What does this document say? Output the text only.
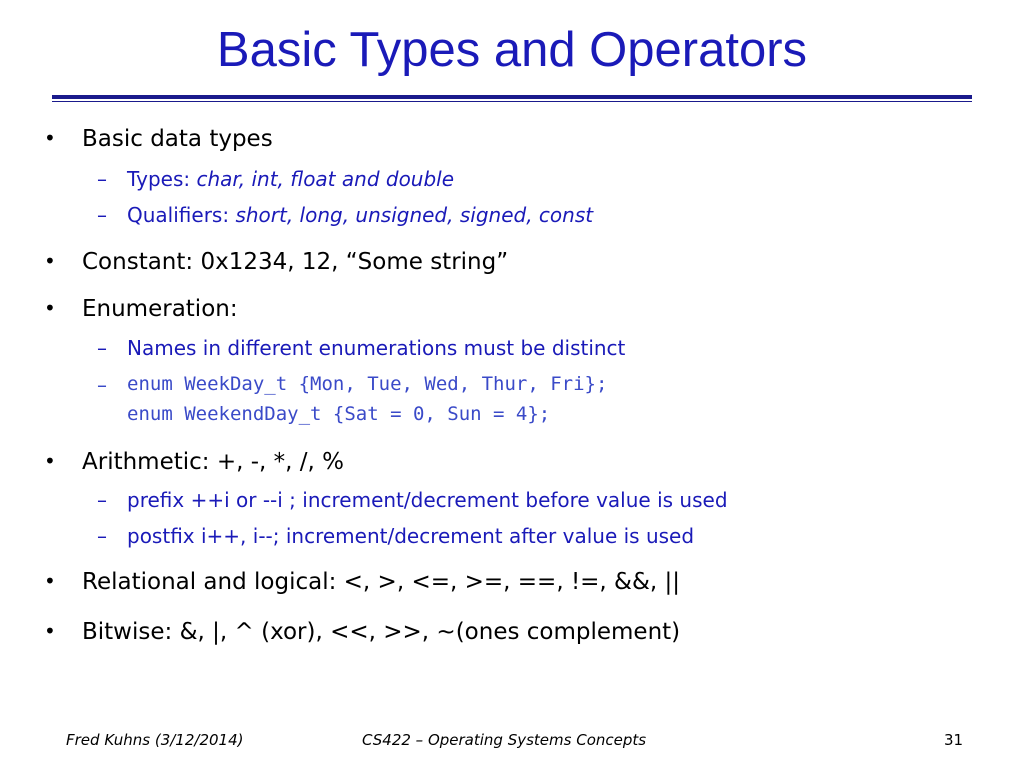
Basic Types and Operators
• Basic data types
– Types: char, int, float and double
– Qualifiers: short, long, unsigned, signed, const
• Constant: 0x1234, 12, “Some string”
• Enumeration:
– Names in different enumerations must be distinct
– enum WeekDay_t {Mon, Tue, Wed, Thur, Fri};
enum WeekendDay_t {Sat = 0, Sun = 4};
• Arithmetic: +, -, *, /, %
– prefix ++i or --i ; increment/decrement before value is used
– postfix i++, i--; increment/decrement after value is used
• Relational and logical: <, >, <=, >=, ==, !=, &&, ||
• Bitwise: &, |, ^ (xor), <<, >>, ~(ones complement)
Fred Kuhns (3/12/2014)	CS422 – Operating Systems Concepts	31
